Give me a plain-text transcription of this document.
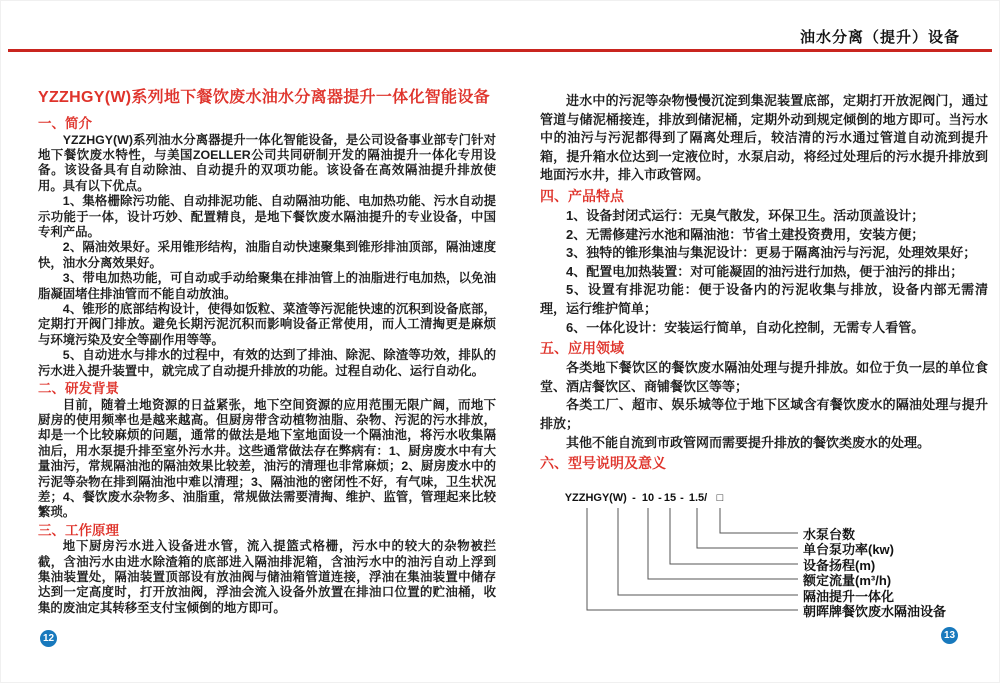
油水分离（提升）设备
YZZHGY(W)系列地下餐饮废水油水分离器提升一体化智能设备
一、简介

YZZHGY(W)系列油水分离器提升一体化智能设备，是公司设备事业部专门针对地下餐饮废水特性，与美国ZOELLER公司共同研制开发的隔油提升一体化专用设备。该设备具有自动除油、自动提升的双项功能。该设备在高效隔油提升排放使用。具有以下优点。

1、集格栅除污功能、自动排泥功能、自动隔油功能、电加热功能、污水自动提示功能于一体，设计巧妙、配置精良，是地下餐饮废水隔油提升的专业设备，中国专利产品。

2、隔油效果好。采用锥形结构，油脂自动快速聚集到锥形排油顶部，隔油速度快，油水分离效果好。

3、带电加热功能，可自动或手动给聚集在排油管上的油脂进行电加热，以免油脂凝固堵住排油管而不能自动放油。

4、锥形的底部结构设计，使得如饭粒、菜渣等污泥能快速的沉积到设备底部，定期打开阀门排放。避免长期污泥沉积而影响设备正常使用，而人工清掏更是麻烦与环境污染及安全等副作用等等。

5、自动进水与排水的过程中，有效的达到了排油、除泥、除渣等功效，排队的污水进入提升装置中，就完成了自动提升排放的功能。过程自动化、运行自动化。

二、研发背景

目前，随着土地资源的日益紧张，地下空间资源的应用范围无限广阔，而地下厨房的使用频率也是越来越高。但厨房带含动植物油脂、杂物、污泥的污水排放，却是一个比较麻烦的问题，通常的做法是地下室地面设一个隔油池，将污水收集隔油后，用水泵提升排至室外污水井。这些通常做法存在弊病有：1、厨房废水中有大量油污，常规隔油池的隔油效果比较差，油污的清理也非常麻烦；2、厨房废水中的污泥等杂物在排到隔油池中难以清理；3、隔油池的密闭性不好，有气味，卫生状况差；4、餐饮废水杂物多、油脂重，常规做法需要清掏、维护、监管，管理起来比较繁琐。

三、工作原理

地下厨房污水进入设备进水管，流入提篮式格栅，污水中的较大的杂物被拦截，含油污水由进水除渣箱的底部进入隔油排泥箱，含油污水中的油污自动上浮到集油装置处，隔油装置顶部设有放油阀与储油箱管道连接，浮油在集油装置中储存达到一定高度时，打开放油阀，浮油会流入设备外放置在排油口位置的贮油桶，收集的废油定其转移至支付宝倾倒的地方即可。

进水中的污泥等杂物慢慢沉淀到集泥装置底部，定期打开放泥阀门，通过管道与储泥桶接连，排放到储泥桶，定期外动到规定倾倒的地方即可。当污水中的油污与污泥都得到了隔离处理后，较洁清的污水通过管道自动流到提升箱，提升箱水位达到一定液位时，水泵启动，将经过处理后的污水提升排放到地面污水井，排入市政管网。

四、产品特点

1、设备封闭式运行：无臭气散发，环保卫生。活动顶盖设计；

2、无需修建污水池和隔油池：节省土建投资费用，安装方便；

3、独特的锥形集油与集泥设计：更易于隔离油污与污泥，处理效果好；

4、配置电加热装置：对可能凝固的油污进行加热，便于油污的排出；

5、设置有排泥功能：便于设备内的污泥收集与排放，设备内部无需清理，运行维护简单；

6、一体化设计：安装运行简单，自动化控制，无需专人看管。

五、应用领域

各类地下餐饮区的餐饮废水隔油处理与提升排放。如位于负一层的单位食堂、酒店餐饮区、商铺餐饮区等等；

各类工厂、超市、娱乐城等位于地下区域含有餐饮废水的隔油处理与提升排放；

其他不能自流到市政管网而需要提升排放的餐饮类废水的处理。

六、型号说明及意义
YZZHGY (W) - 10 - 15 - 1.5/ □
水泵台数
单台泵功率(kw)
设备扬程(m)
额定流量(m³/h)
隔油提升一体化
朝晖牌餐饮废水隔油设备
12	13
